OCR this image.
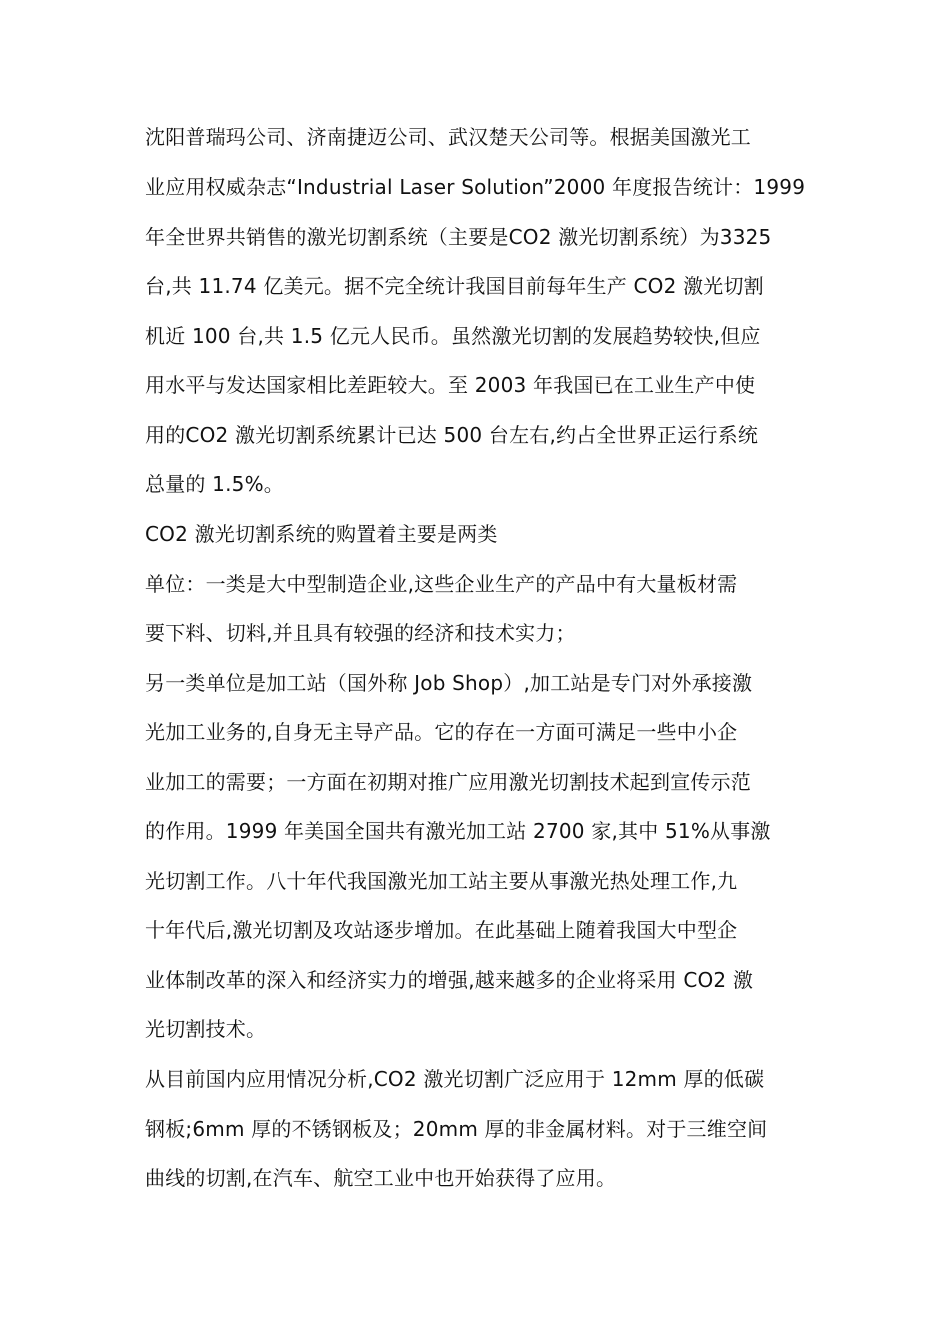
沈阳普瑞玛公司、济南捷迈公司、武汉楚天公司等。根据美国激光工
业应用权威杂志“Industrial Laser Solution”2000 年度报告统计：1999
年全世界共销售的激光切割系统（主要是CO2 激光切割系统）为3325
台,共 11.74 亿美元。据不完全统计我国目前每年生产 CO2 激光切割
机近 100 台,共 1.5 亿元人民币。虽然激光切割的发展趋势较快,但应
用水平与发达国家相比差距较大。至 2003 年我国已在工业生产中使
用的CO2 激光切割系统累计已达 500 台左右,约占全世界正运行系统
总量的 1.5%。
CO2 激光切割系统的购置着主要是两类
单位：一类是大中型制造企业,这些企业生产的产品中有大量板材需
要下料、切料,并且具有较强的经济和技术实力；
另一类单位是加工站（国外称 Job Shop）,加工站是专门对外承接激
光加工业务的,自身无主导产品。它的存在一方面可满足一些中小企
业加工的需要；一方面在初期对推广应用激光切割技术起到宣传示范
的作用。1999 年美国全国共有激光加工站 2700 家,其中 51%从事激
光切割工作。八十年代我国激光加工站主要从事激光热处理工作,九
十年代后,激光切割及攻站逐步增加。在此基础上随着我国大中型企
业体制改革的深入和经济实力的增强,越来越多的企业将采用 CO2 激
光切割技术。
从目前国内应用情况分析,CO2 激光切割广泛应用于 12mm 厚的低碳
钢板;6mm 厚的不锈钢板及；20mm 厚的非金属材料。对于三维空间
曲线的切割,在汽车、航空工业中也开始获得了应用。
